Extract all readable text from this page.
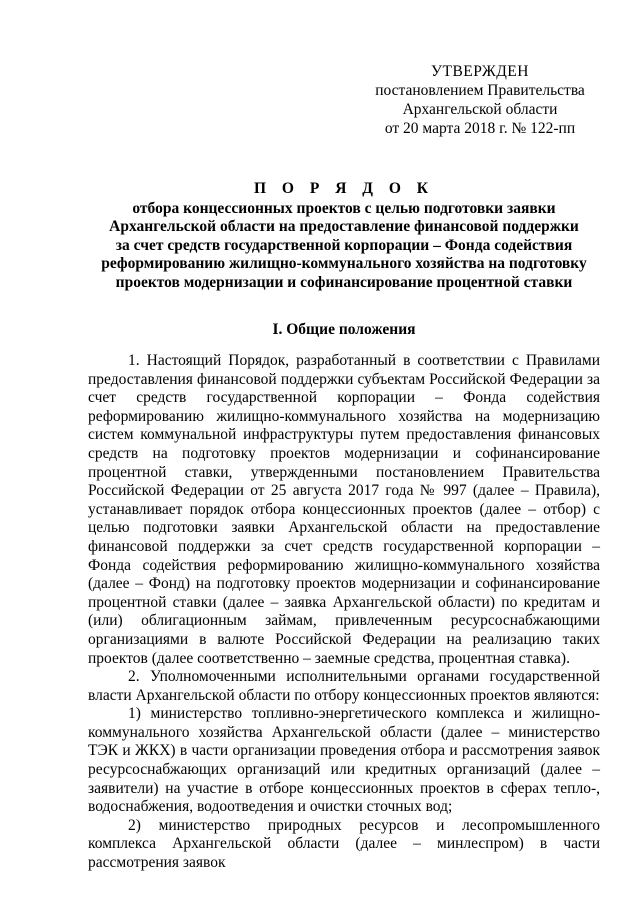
УТВЕРЖДЕН
постановлением Правительства
Архангельской области
от 20 марта 2018 г. № 122-пп
П О Р Я Д О К
отбора концессионных проектов с целью подготовки заявки
Архангельской области на предоставление финансовой поддержки
за счет средств государственной корпорации – Фонда содействия
реформированию жилищно-коммунального хозяйства на подготовку
проектов модернизации и софинансирование процентной ставки
I. Общие положения

1. Настоящий Порядок, разработанный в соответствии с Правилами предоставления финансовой поддержки субъектам Российской Федерации за счет средств государственной корпорации – Фонда содействия реформированию жилищно-коммунального хозяйства на модернизацию систем коммунальной инфраструктуры путем предоставления финансовых средств на подготовку проектов модернизации и софинансирование процентной ставки, утвержденными постановлением Правительства Российской Федерации от 25 августа 2017 года № 997 (далее – Правила), устанавливает порядок отбора концессионных проектов (далее – отбор) с целью подготовки заявки Архангельской области на предоставление финансовой поддержки за счет средств государственной корпорации – Фонда содействия реформированию жилищно-коммунального хозяйства (далее – Фонд) на подготовку проектов модернизации и софинансирование процентной ставки (далее – заявка Архангельской области) по кредитам и (или) облигационным займам, привлеченным ресурсоснабжающими организациями в валюте Российской Федерации на реализацию таких проектов (далее соответственно – заемные средства, процентная ставка).

2. Уполномоченными исполнительными органами государственной власти Архангельской области по отбору концессионных проектов являются:

1) министерство топливно-энергетического комплекса и жилищно-коммунального хозяйства Архангельской области (далее – министерство ТЭК и ЖКХ) в части организации проведения отбора и рассмотрения заявок ресурсоснабжающих организаций или кредитных организаций (далее – заявители) на участие в отборе концессионных проектов в сферах тепло-, водоснабжения, водоотведения и очистки сточных вод;

2) министерство природных ресурсов и лесопромышленного комплекса Архангельской области (далее – минлеспром) в части рассмотрения заявок
